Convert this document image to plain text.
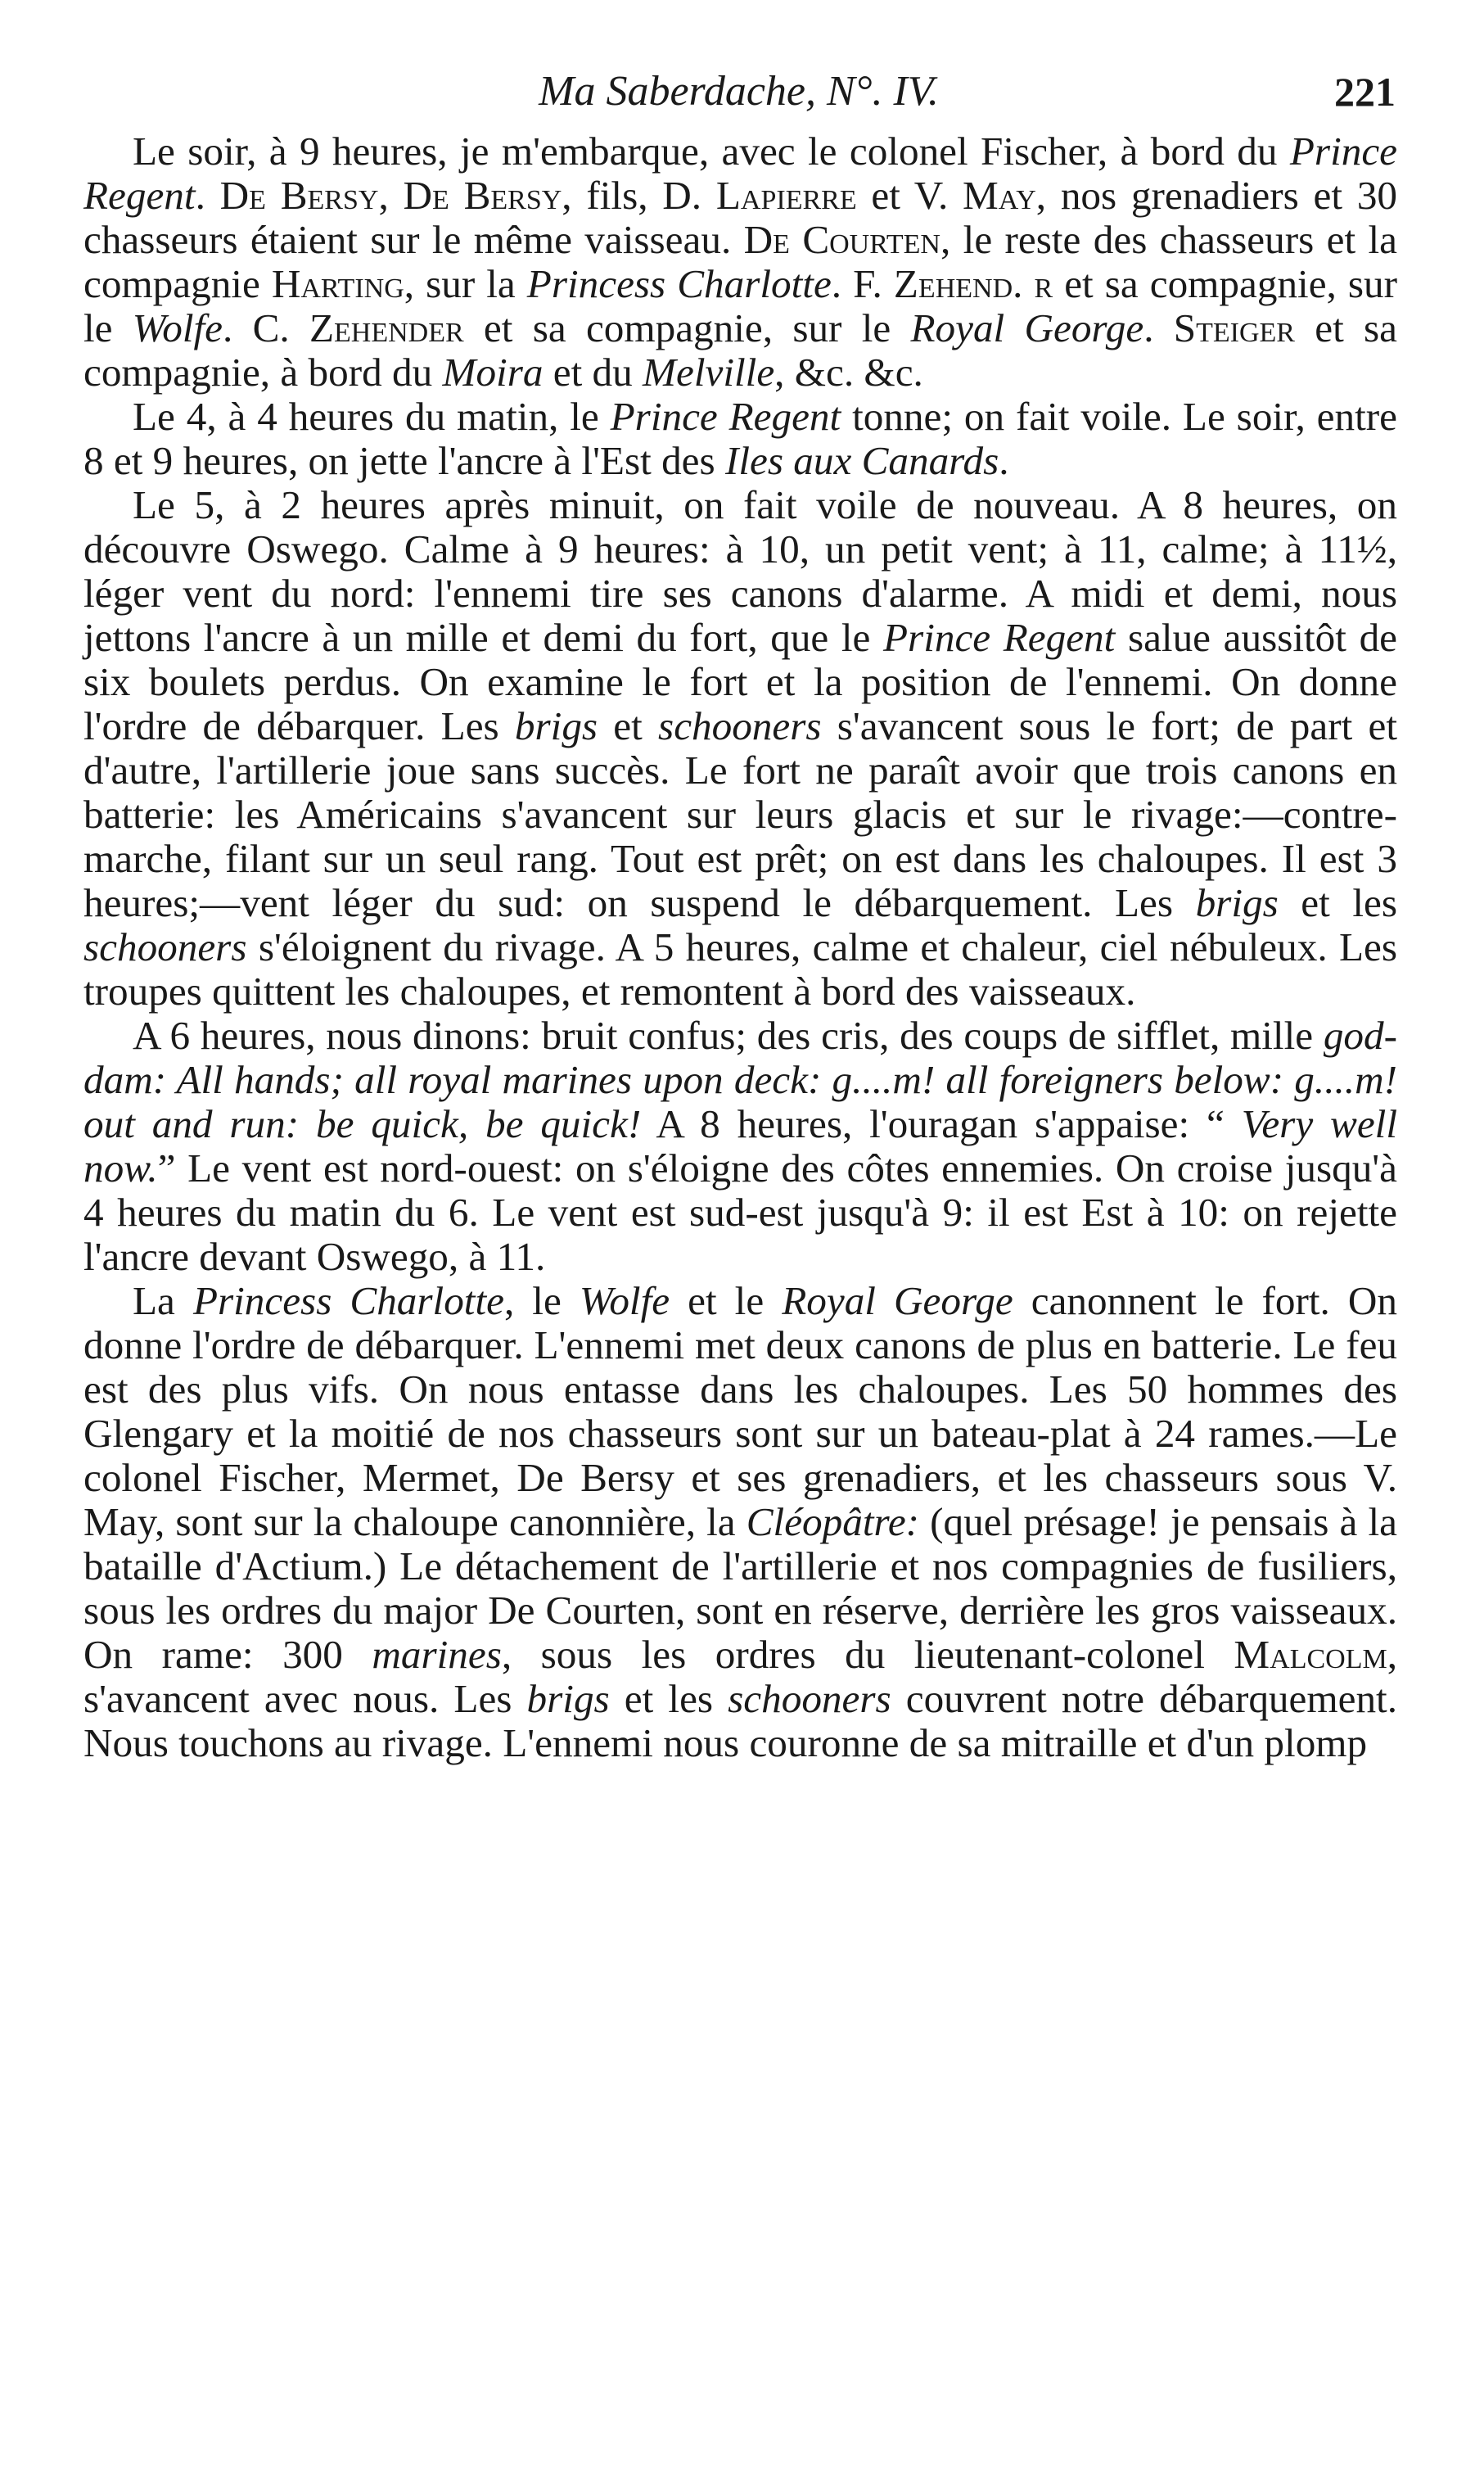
Ma Saberdache, N°. IV.	221

Le soir, à 9 heures, je m'embarque, avec le colonel Fischer, à bord du Prince Regent. De Bersy, De Bersy, fils, D. Lapierre et V. May, nos grenadiers et 30 chasseurs étaient sur le même vaisseau. De Courten, le reste des chasseurs et la compagnie Harting, sur la Princess Charlotte. F. Zehend. r et sa compagnie, sur le Wolfe. C. Zehender et sa compagnie, sur le Royal George. Steiger et sa compagnie, à bord du Moira et du Melville, &c. &c.

Le 4, à 4 heures du matin, le Prince Regent tonne; on fait voile. Le soir, entre 8 et 9 heures, on jette l'ancre à l'Est des Iles aux Canards.

Le 5, à 2 heures après minuit, on fait voile de nouveau. A 8 heures, on découvre Oswego. Calme à 9 heures: à 10, un petit vent; à 11, calme; à 11½, léger vent du nord: l'ennemi tire ses canons d'alarme. A midi et demi, nous jettons l'ancre à un mille et demi du fort, que le Prince Regent salue aussitôt de six boulets perdus. On examine le fort et la position de l'ennemi. On donne l'ordre de débarquer. Les brigs et schooners s'avancent sous le fort; de part et d'autre, l'artillerie joue sans succès. Le fort ne paraît avoir que trois canons en batterie: les Américains s'avancent sur leurs glacis et sur le rivage:—contre-marche, filant sur un seul rang. Tout est prêt; on est dans les chaloupes. Il est 3 heures;—vent léger du sud: on suspend le débarquement. Les brigs et les schooners s'éloignent du rivage. A 5 heures, calme et chaleur, ciel nébuleux. Les troupes quittent les chaloupes, et remontent à bord des vaisseaux.

A 6 heures, nous dinons: bruit confus; des cris, des coups de sifflet, mille god-dam: All hands; all royal marines upon deck: g....m! all foreigners below: g....m! out and run: be quick, be quick! A 8 heures, l'ouragan s'appaise: “ Very well now.” Le vent est nord-ouest: on s'éloigne des côtes ennemies. On croise jusqu'à 4 heures du matin du 6. Le vent est sud-est jusqu'à 9: il est Est à 10: on rejette l'ancre devant Oswego, à 11.

La Princess Charlotte, le Wolfe et le Royal George canonnent le fort. On donne l'ordre de débarquer. L'ennemi met deux canons de plus en batterie. Le feu est des plus vifs. On nous entasse dans les chaloupes. Les 50 hommes des Glengary et la moitié de nos chasseurs sont sur un bateau-plat à 24 rames.—Le colonel Fischer, Mermet, De Bersy et ses grenadiers, et les chasseurs sous V. May, sont sur la chaloupe canonnière, la Cléopâtre: (quel présage! je pensais à la bataille d'Actium.) Le détachement de l'artillerie et nos compagnies de fusiliers, sous les ordres du major De Courten, sont en réserve, derrière les gros vaisseaux. On rame: 300 marines, sous les ordres du lieutenant-colonel Malcolm, s'avancent avec nous. Les brigs et les schooners couvrent notre débarquement. Nous touchons au rivage. L'ennemi nous couronne de sa mitraille et d'un plomp
